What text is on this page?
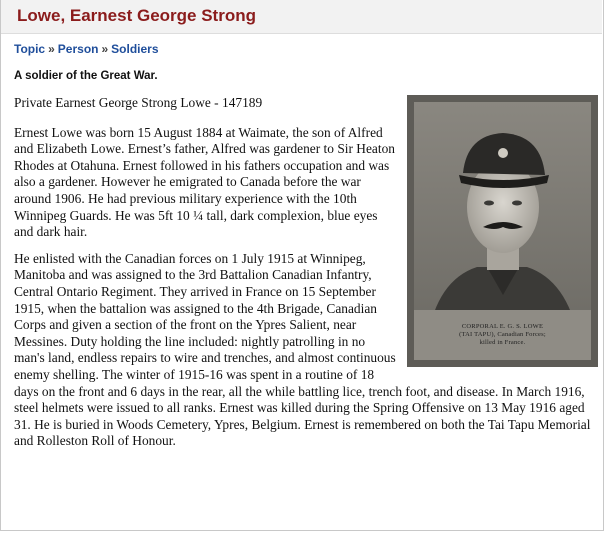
Lowe, Earnest George Strong
Topic » Person » Soldiers
A soldier of the Great War.
CORPORAL E. G. S. LOWE
(TAI TAPU), Canadian Forces;
killed in France.

Private Earnest George Strong Lowe - 147189

Ernest Lowe was born 15 August 1884 at Waimate, the son of Alfred and Elizabeth Lowe. Ernest’s father, Alfred was gardener to Sir Heaton Rhodes at Otahuna. Ernest followed in his fathers occupation and was also a gardener. However he emigrated to Canada before the war around 1906. He had previous military experience with the 10th Winnipeg Guards. He was 5ft 10 ¼ tall, dark complexion, blue eyes and dark hair.

He enlisted with the Canadian forces on 1 July 1915 at Winnipeg, Manitoba and was assigned to the 3rd Battalion Canadian Infantry, Central Ontario Regiment. They arrived in France on 15 September 1915, when the battalion was assigned to the 4th Brigade, Canadian Corps and given a section of the front on the Ypres Salient, near Messines. Duty holding the line included: nightly patrolling in no man's land, endless repairs to wire and trenches, and almost continuous enemy shelling. The winter of 1915-16 was spent in a routine of 18 days on the front and 6 days in the rear, all the while battling lice, trench foot, and disease. In March 1916, steel helmets were issued to all ranks. Ernest was killed during the Spring Offensive on 13 May 1916 aged 31. He is buried in Woods Cemetery, Ypres, Belgium. Ernest is remembered on both the Tai Tapu Memorial and Rolleston Roll of Honour.
